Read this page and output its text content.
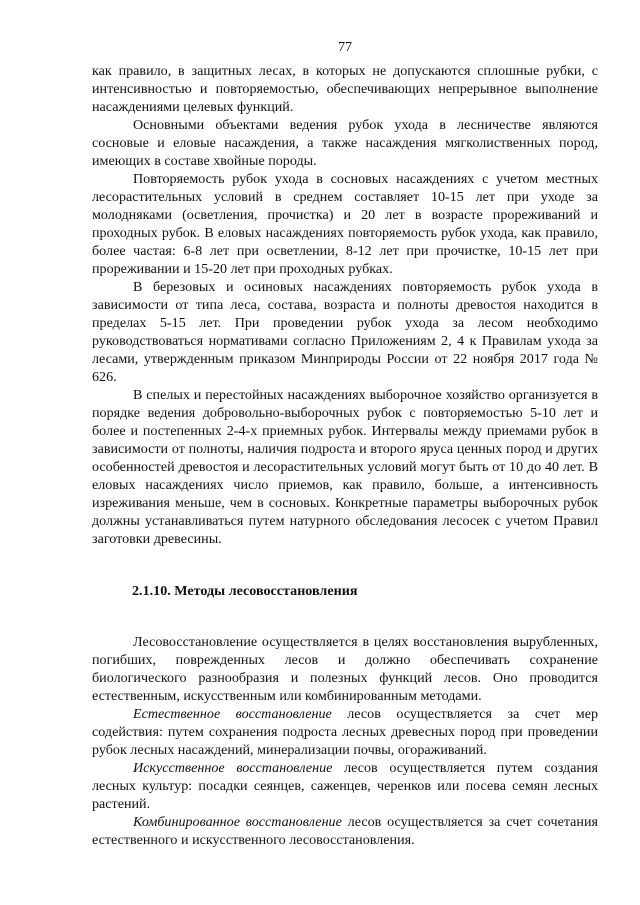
77

как правило, в защитных лесах, в которых не допускаются сплошные рубки, с интенсивностью и повторяемостью, обеспечивающих непрерывное выполнение насаждениями целевых функций.

Основными объектами ведения рубок ухода в лесничестве являются сосновые и еловые насаждения, а также насаждения мягколиственных пород, имеющих в составе хвойные породы.

Повторяемость рубок ухода в сосновых насаждениях с учетом местных лесорастительных условий в среднем составляет 10-15 лет при уходе за молодняками (осветления, прочистка) и 20 лет в возрасте прореживаний и проходных рубок. В еловых насаждениях повторяемость рубок ухода, как правило, более частая: 6-8 лет при осветлении, 8-12 лет при прочистке, 10-15 лет при прореживании и 15-20 лет при проходных рубках.

В березовых и осиновых насаждениях повторяемость рубок ухода в зависимости от типа леса, состава, возраста и полноты древостоя находится в пределах 5-15 лет. При проведении рубок ухода за лесом необходимо руководствоваться нормативами согласно Приложениям 2, 4 к Правилам ухода за лесами, утвержденным приказом Минприроды России от 22 ноября 2017 года № 626.

В спелых и перестойных насаждениях выборочное хозяйство организуется в порядке ведения добровольно-выборочных рубок с повторяемостью 5-10 лет и более и постепенных 2-4-х приемных рубок. Интервалы между приемами рубок в зависимости от полноты, наличия подроста и второго яруса ценных пород и других особенностей древостоя и лесорастительных условий могут быть от 10 до 40 лет. В еловых насаждениях число приемов, как правило, больше, а интенсивность изреживания меньше, чем в сосновых. Конкретные параметры выборочных рубок должны устанавливаться путем натурного обследования лесосек с учетом Правил заготовки древесины.

2.1.10. Методы лесовосстановления

Лесовосстановление осуществляется в целях восстановления вырубленных, погибших, поврежденных лесов и должно обеспечивать сохранение биологического разнообразия и полезных функций лесов. Оно проводится естественным, искусственным или комбинированным методами.

Естественное восстановление лесов осуществляется за счет мер содействия: путем сохранения подроста лесных древесных пород при проведении рубок лесных насаждений, минерализации почвы, огораживаний.

Искусственное восстановление лесов осуществляется путем создания лесных культур: посадки сеянцев, саженцев, черенков или посева семян лесных растений.

Комбинированное восстановление лесов осуществляется за счет сочетания естественного и искусственного лесовосстановления.
